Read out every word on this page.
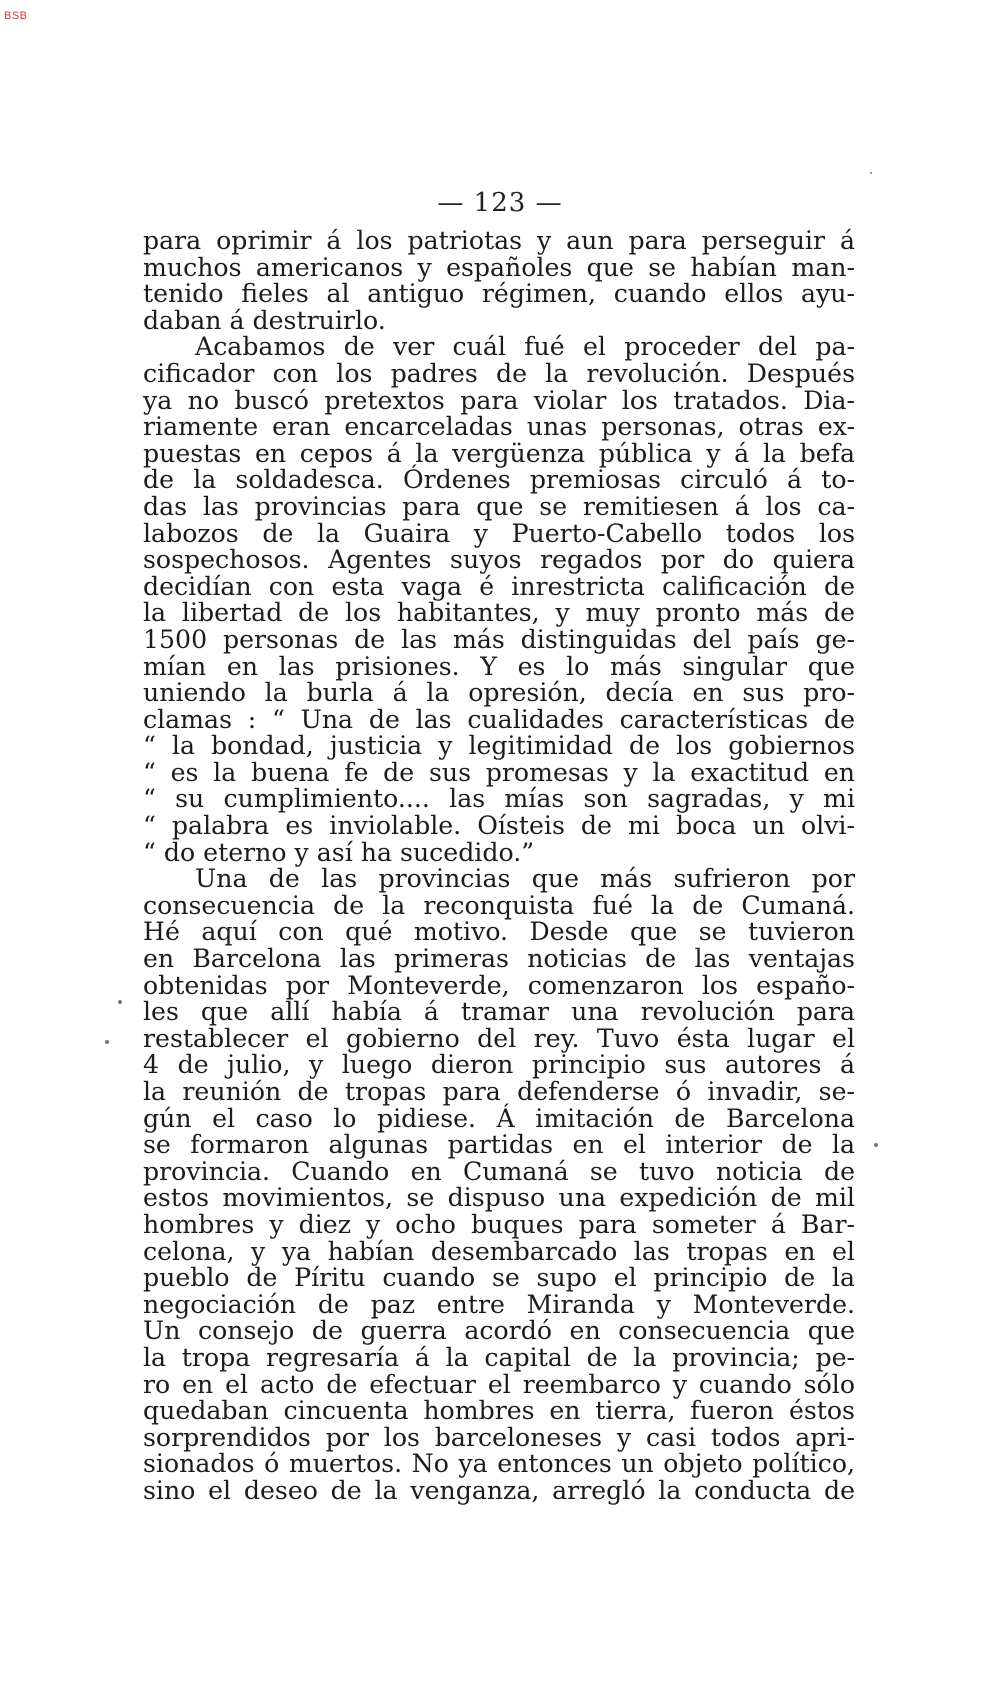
BSB
— 123 —
para oprimir á los patriotas y aun para perseguir á
muchos americanos y españoles que se habían man-
tenido fieles al antiguo régimen, cuando ellos ayu-
daban á destruirlo.
Acabamos de ver cuál fué el proceder del pa-
cificador con los padres de la revolución. Después
ya no buscó pretextos para violar los tratados. Dia-
riamente eran encarceladas unas personas, otras ex-
puestas en cepos á la vergüenza pública y á la befa
de la soldadesca. Órdenes premiosas circuló á to-
das las provincias para que se remitiesen á los ca-
labozos de la Guaira y Puerto-Cabello todos los
sospechosos. Agentes suyos regados por do quiera
decidían con esta vaga é inrestricta calificación de
la libertad de los habitantes, y muy pronto más de
1500 personas de las más distinguidas del país ge-
mían en las prisiones. Y es lo más singular que
uniendo la burla á la opresión, decía en sus pro-
clamas : “ Una de las cualidades características de
“ la bondad, justicia y legitimidad de los gobiernos
“ es la buena fe de sus promesas y la exactitud en
“ su cumplimiento.... las mías son sagradas, y mi
“ palabra es inviolable. Oísteis de mi boca un olvi-
“ do eterno y así ha sucedido.”
Una de las provincias que más sufrieron por
consecuencia de la reconquista fué la de Cumaná.
Hé aquí con qué motivo. Desde que se tuvieron
en Barcelona las primeras noticias de las ventajas
obtenidas por Monteverde, comenzaron los españo-
les que allí había á tramar una revolución para
restablecer el gobierno del rey. Tuvo ésta lugar el
4 de julio, y luego dieron principio sus autores á
la reunión de tropas para defenderse ó invadir, se-
gún el caso lo pidiese. Á imitación de Barcelona
se formaron algunas partidas en el interior de la
provincia. Cuando en Cumaná se tuvo noticia de
estos movimientos, se dispuso una expedición de mil
hombres y diez y ocho buques para someter á Bar-
celona, y ya habían desembarcado las tropas en el
pueblo de Píritu cuando se supo el principio de la
negociación de paz entre Miranda y Monteverde.
Un consejo de guerra acordó en consecuencia que
la tropa regresaría á la capital de la provincia; pe-
ro en el acto de efectuar el reembarco y cuando sólo
quedaban cincuenta hombres en tierra, fueron éstos
sorprendidos por los barceloneses y casi todos apri-
sionados ó muertos. No ya entonces un objeto político,
sino el deseo de la venganza, arregló la conducta de
